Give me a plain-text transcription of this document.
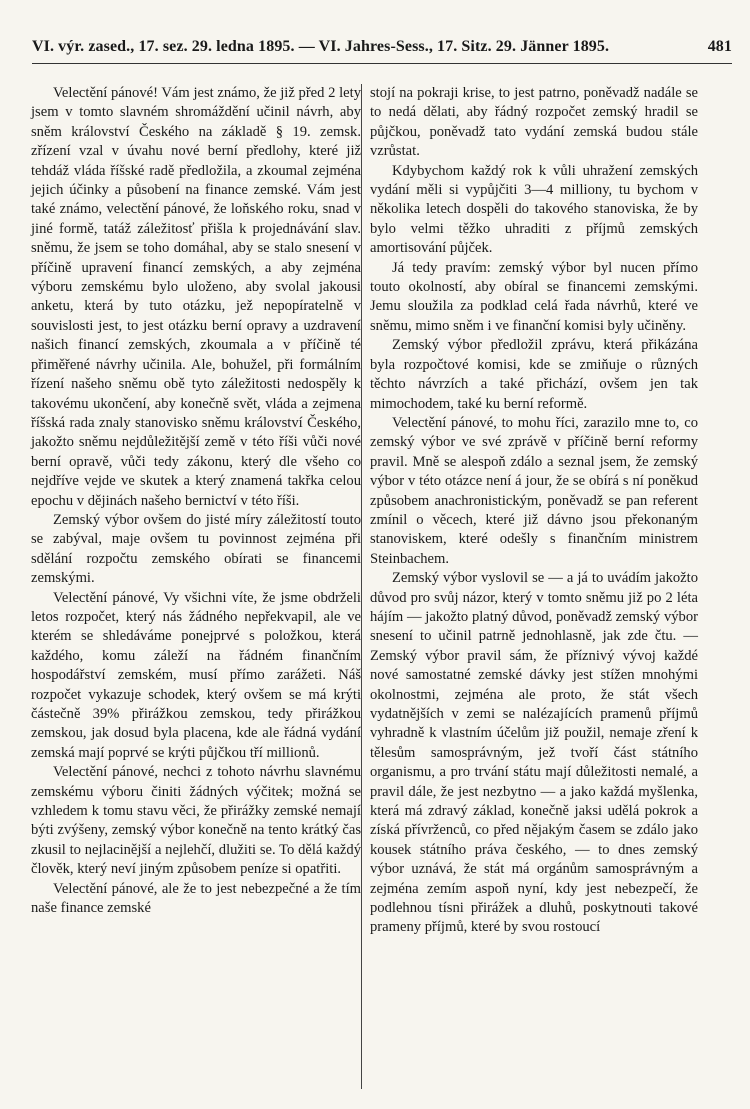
VI. výr. zased., 17. sez. 29. ledna 1895. — VI. Jahres-Sess., 17. Sitz. 29. Jänner 1895.	481

Velectění pánové! Vám jest známo, že již před 2 lety jsem v tomto slavném shromáždění učinil návrh, aby sněm království Českého na základě § 19. zemsk. zřízení vzal v úvahu nové berní předlohy, které již tehdáž vláda říšské radě předložila, a zkoumal zejména jejich účinky a působení na finance zemské. Vám jest také známo, velectění pánové, že loňského roku, snad v jiné formě, tatáž záležitosť přišla k projednávání slav. sněmu, že jsem se toho domáhal, aby se stalo snesení v příčině upravení financí zemských, a aby zejména výboru zemskému bylo uloženo, aby svolal jakousi anketu, která by tuto otázku, jež nepopíratelně v souvislosti jest, to jest otázku berní opravy a uzdravení našich financí zemských, zkoumala a v příčině té přiměřené návrhy učinila. Ale, bohužel, při formálním řízení našeho sněmu obě tyto záležitosti nedospěly k takovému ukončení, aby konečně svět, vláda a zejmena říšská rada znaly stanovisko sněmu království Českého, jakožto sněmu nejdůležitější země v této říši vůči nové berní opravě, vůči tedy zákonu, který dle všeho co nejdříve vejde ve skutek a který znamená takřka celou epochu v dějinách našeho bernictví v této říši.

Zemský výbor ovšem do jisté míry záležitostí touto se zabýval, maje ovšem tu povinnost zejména při sdělání rozpočtu zemského obírati se financemi zemskými.

Velectění pánové, Vy všichni víte, že jsme obdrželi letos rozpočet, který nás žádného nepřekvapil, ale ve kterém se shledáváme ponejprvé s položkou, která každého, komu záleží na řádném finančním hospodářství zemském, musí přímo zarážeti. Náš rozpočet vykazuje schodek, který ovšem se má krýti částečně 39% přirážkou zemskou, tedy přirážkou zemskou, jak dosud byla placena, kde ale řádná vydání zemská mají poprvé se krýti půjčkou tří millionů.

Velectění pánové, nechci z tohoto návrhu slavnému zemskému výboru činiti žádných výčitek; možná se vzhledem k tomu stavu věci, že přirážky zemské nemají býti zvýšeny, zemský výbor konečně na tento krátký čas zkusil to nejlacinější a nejlehčí, dlužiti se. To dělá každý člověk, který neví jiným způsobem peníze si opatřiti.

Velectění pánové, ale že to jest nebezpečné a že tím naše finance zemské

stojí na pokraji krise, to jest patrno, poněvadž nadále se to nedá dělati, aby řádný rozpočet zemský hradil se půjčkou, poněvadž tato vydání zemská budou stále vzrůstat.

Kdybychom každý rok k vůli uhražení zemských vydání měli si vypůjčiti 3—4 milliony, tu bychom v několika letech dospěli do takového stanoviska, že by bylo velmi těžko uhraditi z příjmů zemských amortisování půjček.

Já tedy pravím: zemský výbor byl nucen přímo touto okolností, aby obíral se financemi zemskými. Jemu sloužila za podklad celá řada návrhů, které ve sněmu, mimo sněm i ve finanční komisi byly učiněny.

Zemský výbor předložil zprávu, která přikázána byla rozpočtové komisi, kde se zmiňuje o různých těchto návrzích a také přichází, ovšem jen tak mimochodem, také ku berní reformě.

Velectění pánové, to mohu říci, zarazilo mne to, co zemský výbor ve své zprávě v příčině berní reformy pravil. Mně se alespoň zdálo a seznal jsem, že zemský výbor v této otázce není á jour, že se obírá s ní poněkud způsobem anachronistickým, poněvadž se pan referent zmínil o věcech, které již dávno jsou překonaným stanoviskem, které odešly s finančním ministrem Steinbachem.

Zemský výbor vyslovil se — a já to uvádím jakožto důvod pro svůj názor, který v tomto sněmu již po 2 léta hájím — jakožto platný důvod, poněvadž zemský výbor snesení to učinil patrně jednohlasně, jak zde čtu. — Zemský výbor pravil sám, že příznivý vývoj každé nové samostatné zemské dávky jest stížen mnohými okolnostmi, zejména ale proto, že stát všech vydatnějších v zemi se nalézajících pramenů příjmů vyhradně k vlastním účelům již použil, nemaje zření k tělesům samosprávným, jež tvoří část státního organismu, a pro trvání státu mají důležitosti nemalé, a pravil dále, že jest nezbytno — a jako každá myšlenka, která má zdravý základ, konečně jaksi udělá pokrok a získá přívrženců, co před nějakým časem se zdálo jako kousek státního práva českého, — to dnes zemský výbor uznává, že stát má orgánům samosprávným a zejména zemím aspoň nyní, kdy jest nebezpečí, že podlehnou tísni přirážek a dluhů, poskytnouti takové prameny příjmů, které by svou rostoucí
